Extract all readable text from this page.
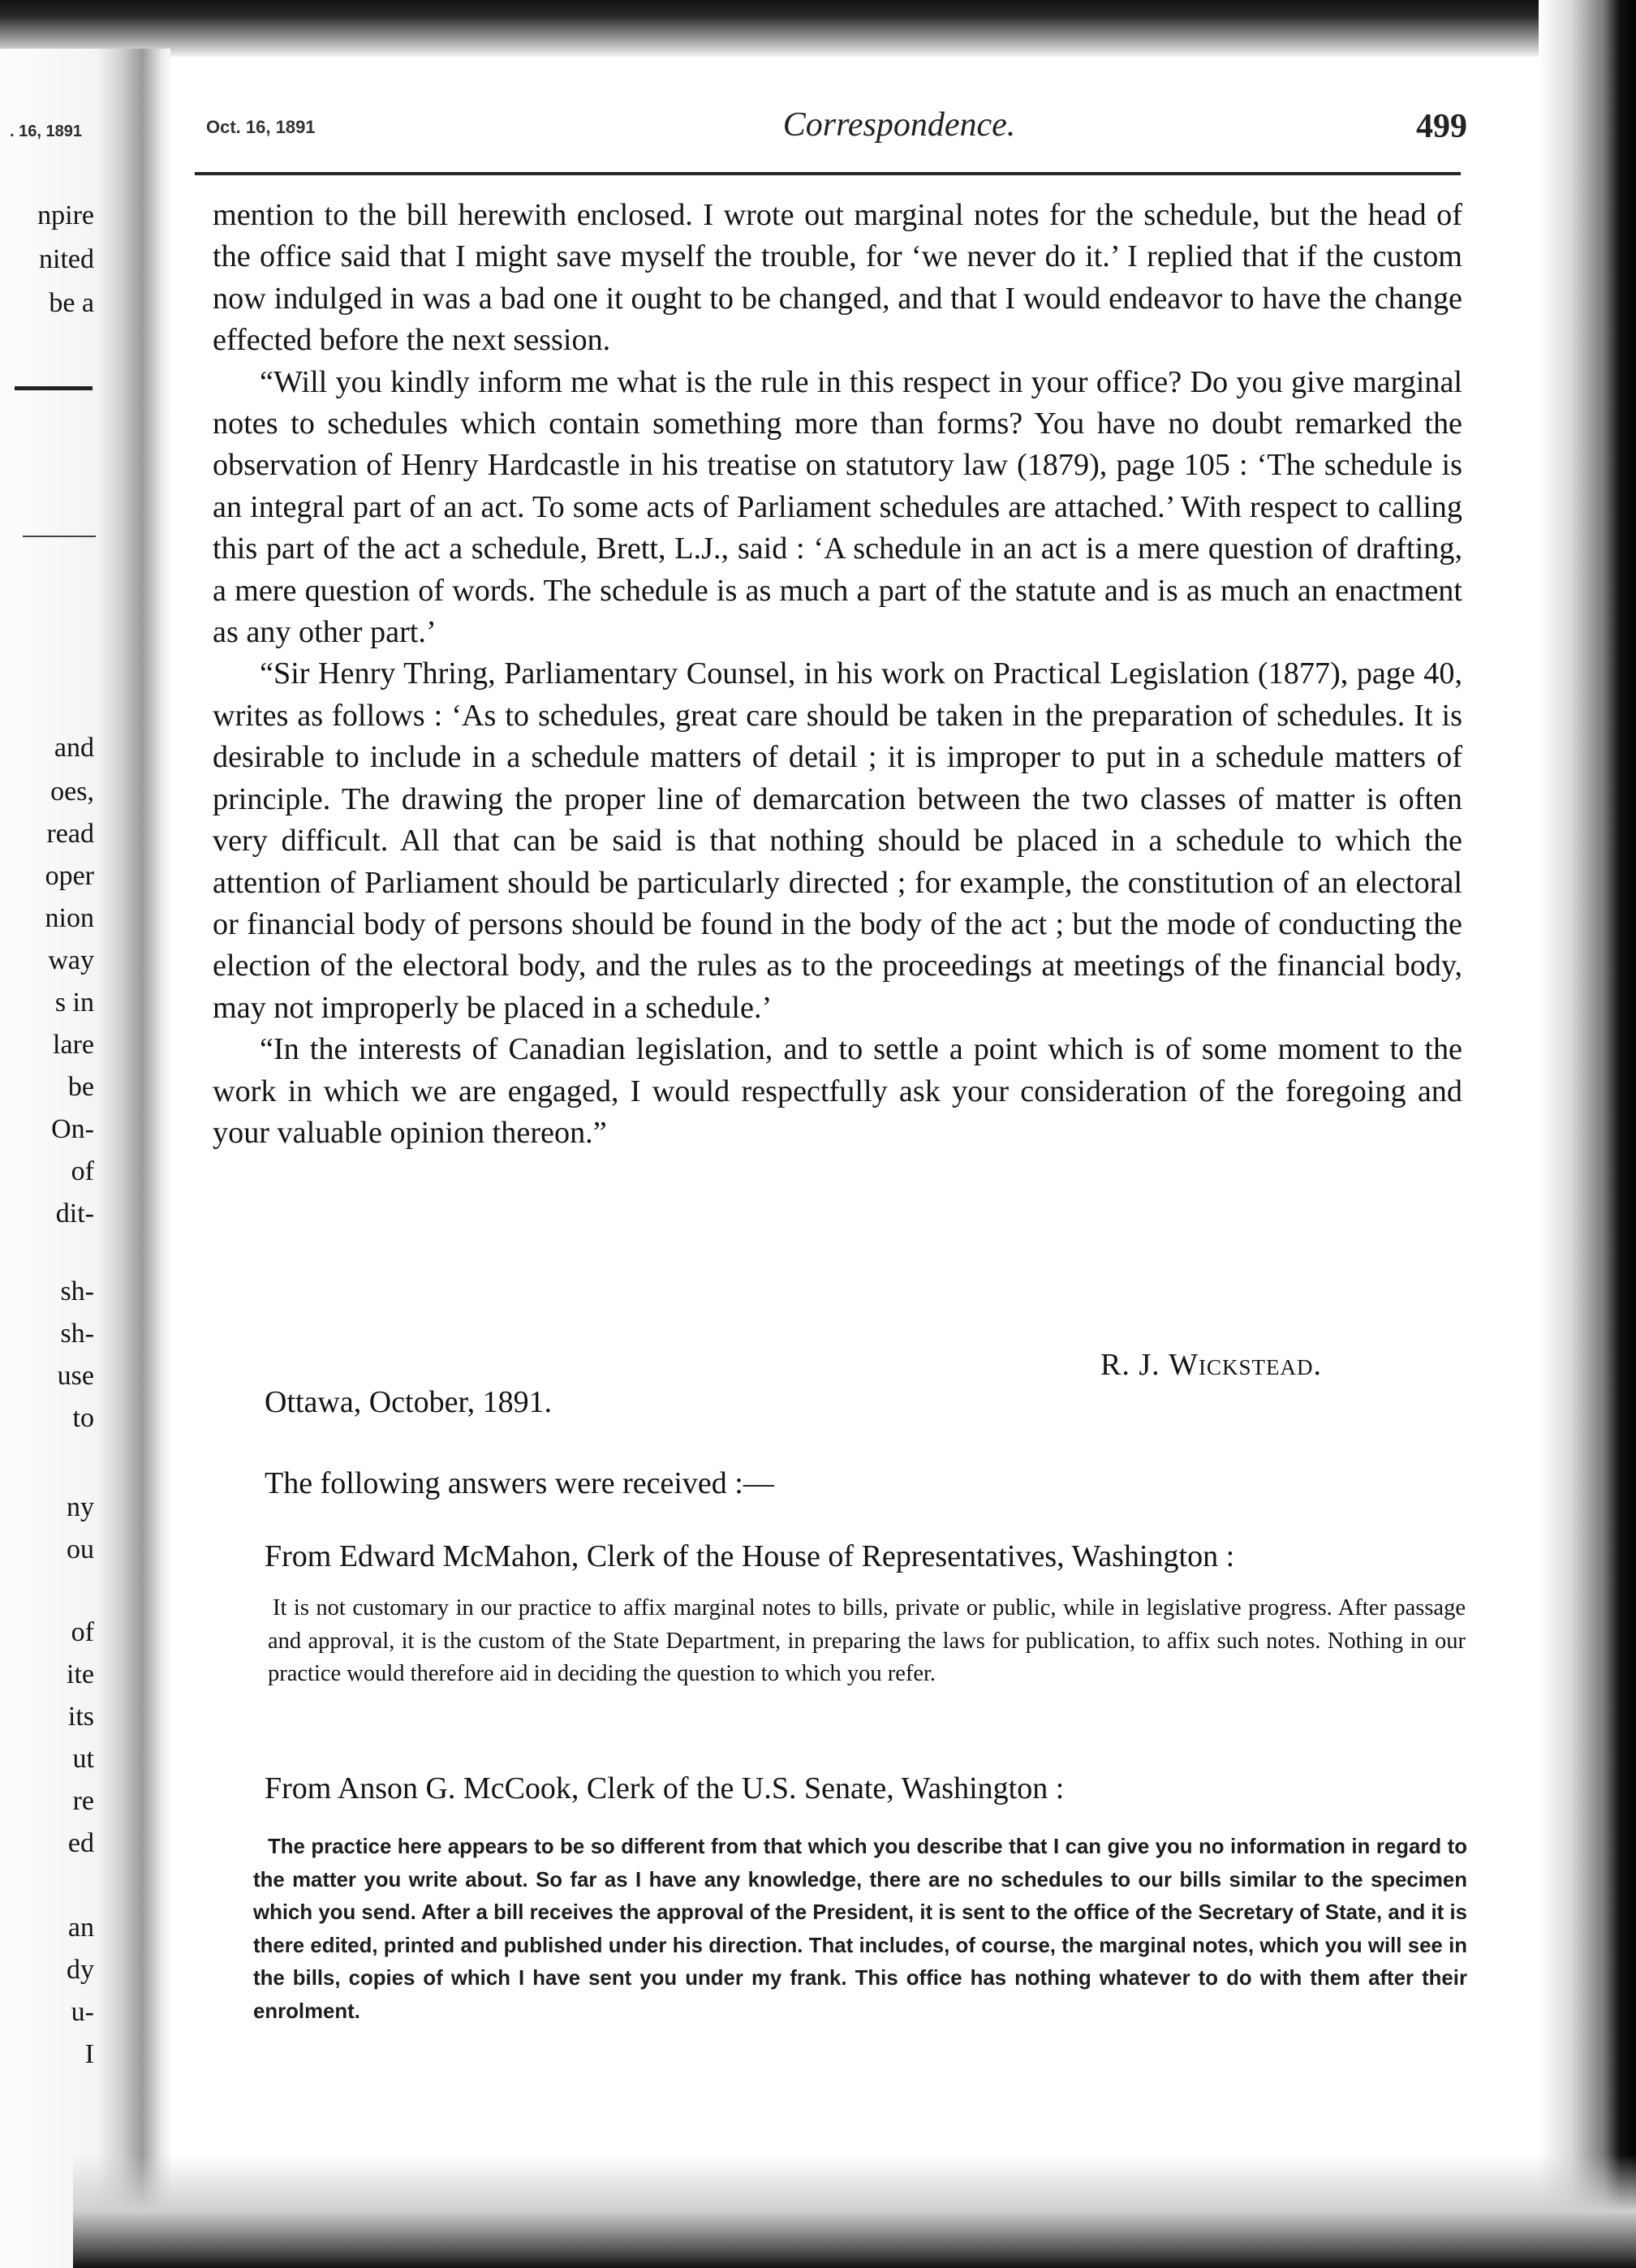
. 16, 1891
npire
nited
be a
and
oes,
read
oper
nion
way
s in
lare
be
On-
of
dit-
sh-
sh-
use
to
ny
ou
of
ite
its
ut
re
ed
an
dy
u-
I
Oct. 16, 1891	Correspondence.	499

mention to the bill herewith enclosed. I wrote out marginal notes for the schedule, but the head of the office said that I might save myself the trouble, for ‘we never do it.’ I replied that if the custom now indulged in was a bad one it ought to be changed, and that I would endeavor to have the change effected before the next session.

“Will you kindly inform me what is the rule in this respect in your office? Do you give marginal notes to schedules which contain something more than forms? You have no doubt remarked the observation of Henry Hardcastle in his treatise on statutory law (1879), page 105 : ‘The schedule is an integral part of an act. To some acts of Parliament schedules are attached.’ With respect to calling this part of the act a schedule, Brett, L.J., said : ‘A schedule in an act is a mere question of drafting, a mere question of words. The schedule is as much a part of the statute and is as much an enactment as any other part.’

“Sir Henry Thring, Parliamentary Counsel, in his work on Practical Legislation (1877), page 40, writes as follows : ‘As to schedules, great care should be taken in the preparation of schedules. It is desirable to include in a schedule matters of detail ; it is improper to put in a schedule matters of principle. The drawing the proper line of demarcation between the two classes of matter is often very difficult. All that can be said is that nothing should be placed in a schedule to which the attention of Parliament should be particularly directed ; for example, the constitution of an electoral or financial body of persons should be found in the body of the act ; but the mode of conducting the election of the electoral body, and the rules as to the proceedings at meetings of the financial body, may not improperly be placed in a schedule.’

“In the interests of Canadian legislation, and to settle a point which is of some moment to the work in which we are engaged, I would respectfully ask your consideration of the foregoing and your valuable opinion thereon.”

R. J. Wickstead.
Ottawa, October, 1891.
The following answers were received :—
From Edward McMahon, Clerk of the House of Representatives, Washington :
It is not customary in our practice to affix marginal notes to bills, private or public, while in legislative progress. After passage and approval, it is the custom of the State Department, in preparing the laws for publication, to affix such notes. Nothing in our practice would therefore aid in deciding the question to which you refer.
From Anson G. McCook, Clerk of the U.S. Senate, Washington :
The practice here appears to be so different from that which you describe that I can give you no information in regard to the matter you write about. So far as I have any knowledge, there are no schedules to our bills similar to the specimen which you send. After a bill receives the approval of the President, it is sent to the office of the Secretary of State, and it is there edited, printed and published under his direction. That includes, of course, the marginal notes, which you will see in the bills, copies of which I have sent you under my frank. This office has nothing whatever to do with them after their enrolment.
